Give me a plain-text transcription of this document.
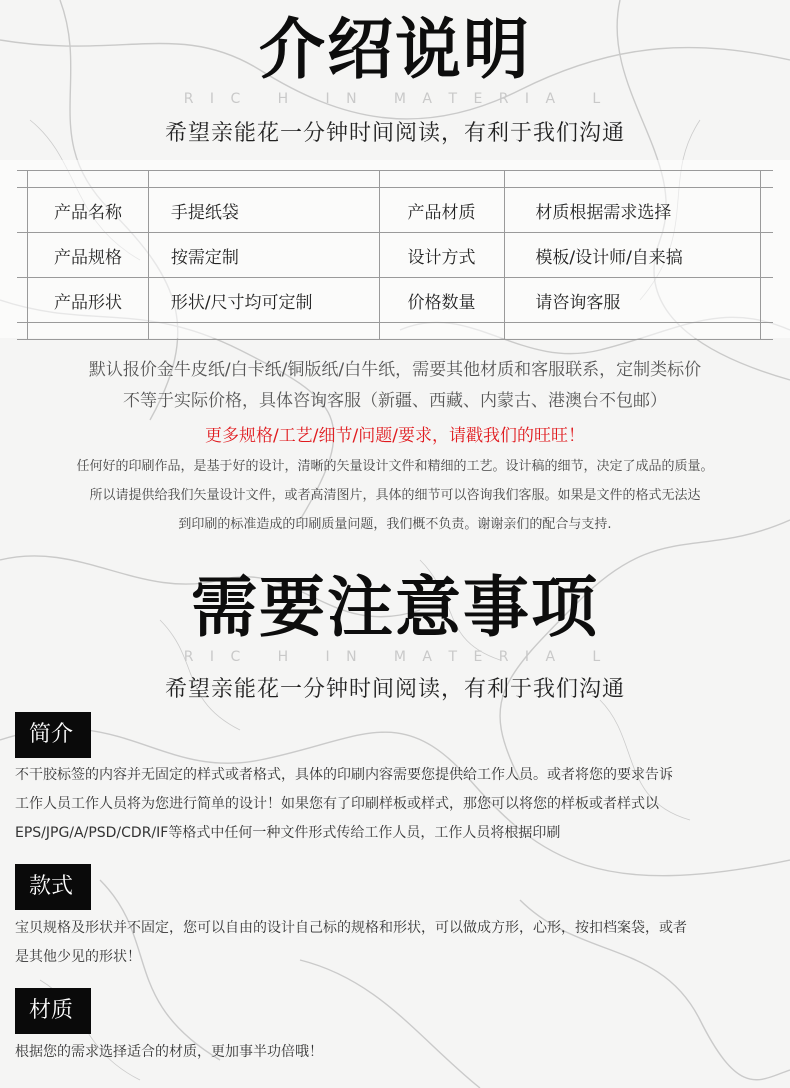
介绍说明
R I C   H   I N   M A T E R I A   L
希望亲能花一分钟时间阅读，有利于我们沟通

	产品名称	手提纸袋	产品材质	材质根据需求选择	
	产品规格	按需定制	设计方式	模板/设计师/自来搞	
	产品形状	形状/尺寸均可定制	价格数量	请咨询客服	

默认报价金牛皮纸/白卡纸/铜版纸/白牛纸，需要其他材质和客服联系，定制类标价
不等于实际价格，具体咨询客服（新疆、西藏、内蒙古、港澳台不包邮）
更多规格/工艺/细节/问题/要求，请戳我们的旺旺！
任何好的印刷作品，是基于好的设计，清晰的矢量设计文件和精细的工艺。设计稿的细节，决定了成品的质量。
所以请提供给我们矢量设计文件，或者高清图片，具体的细节可以咨询我们客服。如果是文件的格式无法达
到印刷的标准造成的印刷质量问题，我们概不负责。谢谢亲们的配合与支持.
需要注意事项
R I C   H   I N   M A T E R I A   L
希望亲能花一分钟时间阅读，有利于我们沟通
简介
不干胶标签的内容并无固定的样式或者格式，具体的印刷内容需要您提供给工作人员。或者将您的要求告诉
工作人员工作人员将为您进行简单的设计！如果您有了印刷样板或样式，那您可以将您的样板或者样式以
EPS/JPG/A/PSD/CDR/IF等格式中任何一种文件形式传给工作人员，工作人员将根据印刷
款式
宝贝规格及形状并不固定，您可以自由的设计自己标的规格和形状，可以做成方形，心形，按扣档案袋，或者
是其他少见的形状！
材质
根据您的需求选择适合的材质，更加事半功倍哦！
